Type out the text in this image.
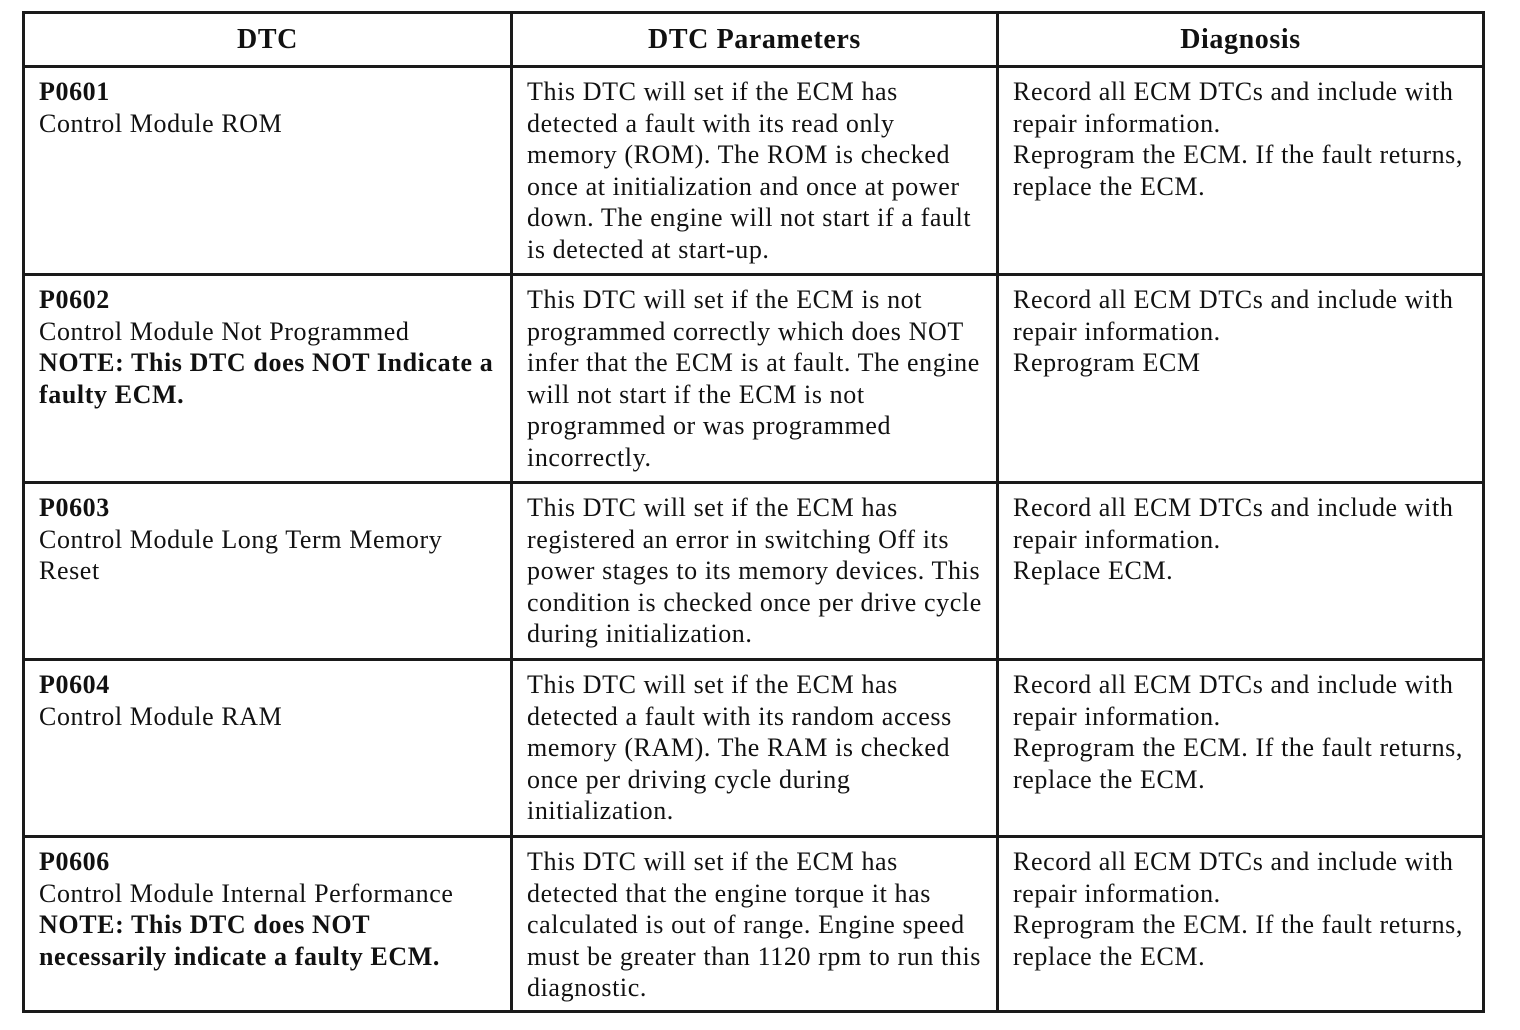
DTC	DTC Parameters	Diagnosis

P0601
Control Module ROM	This DTC will set if the ECM has detected a fault with its read only memory (ROM). The ROM is checked once at initialization and once at power down. The engine will not start if a fault is detected at start-up.	Record all ECM DTCs and include with repair information.
Reprogram the ECM. If the fault returns, replace the ECM.

P0602
Control Module Not Programmed
NOTE: This DTC does NOT Indicate a faulty ECM.	This DTC will set if the ECM is not programmed correctly which does NOT infer that the ECM is at fault. The engine will not start if the ECM is not programmed or was programmed incorrectly.	Record all ECM DTCs and include with repair information.
Reprogram ECM

P0603
Control Module Long Term Memory Reset	This DTC will set if the ECM has registered an error in switching Off its power stages to its memory devices. This condition is checked once per drive cycle during initialization.	Record all ECM DTCs and include with repair information.
Replace ECM.

P0604
Control Module RAM	This DTC will set if the ECM has detected a fault with its random access memory (RAM). The RAM is checked once per driving cycle during initialization.	Record all ECM DTCs and include with repair information.
Reprogram the ECM. If the fault returns, replace the ECM.

P0606
Control Module Internal Performance
NOTE: This DTC does NOT necessarily indicate a faulty ECM.	This DTC will set if the ECM has detected that the engine torque it has calculated is out of range. Engine speed must be greater than 1120 rpm to run this diagnostic.	Record all ECM DTCs and include with repair information.
Reprogram the ECM. If the fault returns, replace the ECM.
